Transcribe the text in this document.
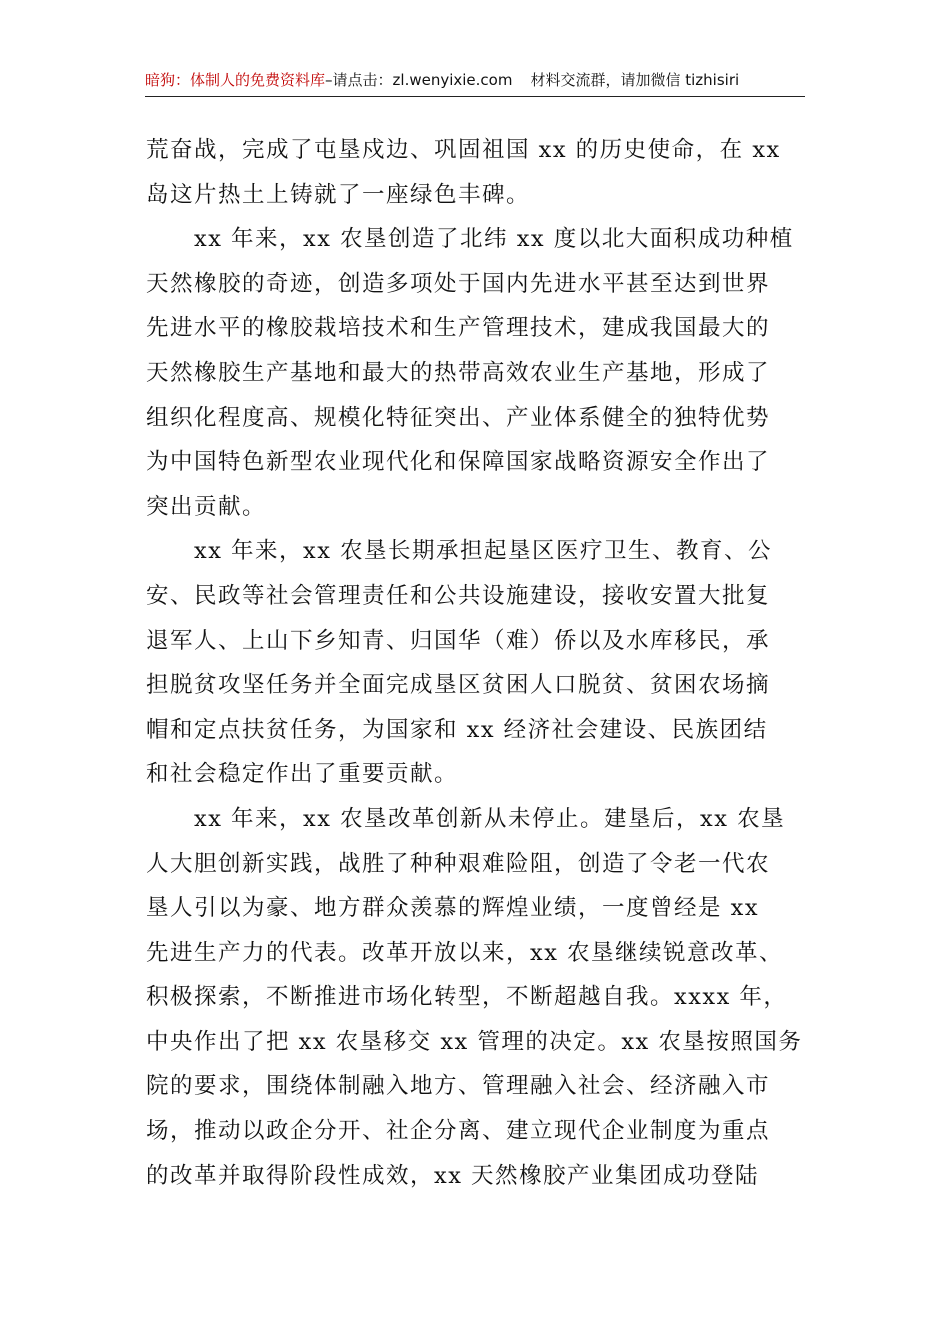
暗狗：体制人的免费资料库–请点击：zl.wenyixie.com 材料交流群，请加微信 tizhisiri

荒奋战，完成了屯垦戍边、巩固祖国 xx 的历史使命，在 xx
岛这片热土上铸就了一座绿色丰碑。

xx 年来，xx 农垦创造了北纬 xx 度以北大面积成功种植
天然橡胶的奇迹，创造多项处于国内先进水平甚至达到世界
先进水平的橡胶栽培技术和生产管理技术，建成我国最大的
天然橡胶生产基地和最大的热带高效农业生产基地，形成了
组织化程度高、规模化特征突出、产业体系健全的独特优势
为中国特色新型农业现代化和保障国家战略资源安全作出了
突出贡献。

xx 年来，xx 农垦长期承担起垦区医疗卫生、教育、公
安、民政等社会管理责任和公共设施建设，接收安置大批复
退军人、上山下乡知青、归国华（难）侨以及水库移民，承
担脱贫攻坚任务并全面完成垦区贫困人口脱贫、贫困农场摘
帽和定点扶贫任务，为国家和 xx 经济社会建设、民族团结
和社会稳定作出了重要贡献。

xx 年来，xx 农垦改革创新从未停止。建垦后，xx 农垦
人大胆创新实践，战胜了种种艰难险阻，创造了令老一代农
垦人引以为豪、地方群众羡慕的辉煌业绩，一度曾经是 xx
先进生产力的代表。改革开放以来，xx 农垦继续锐意改革、
积极探索，不断推进市场化转型，不断超越自我。xxxx 年，
中央作出了把 xx 农垦移交 xx 管理的决定。xx 农垦按照国务
院的要求，围绕体制融入地方、管理融入社会、经济融入市
场，推动以政企分开、社企分离、建立现代企业制度为重点
的改革并取得阶段性成效，xx 天然橡胶产业集团成功登陆
